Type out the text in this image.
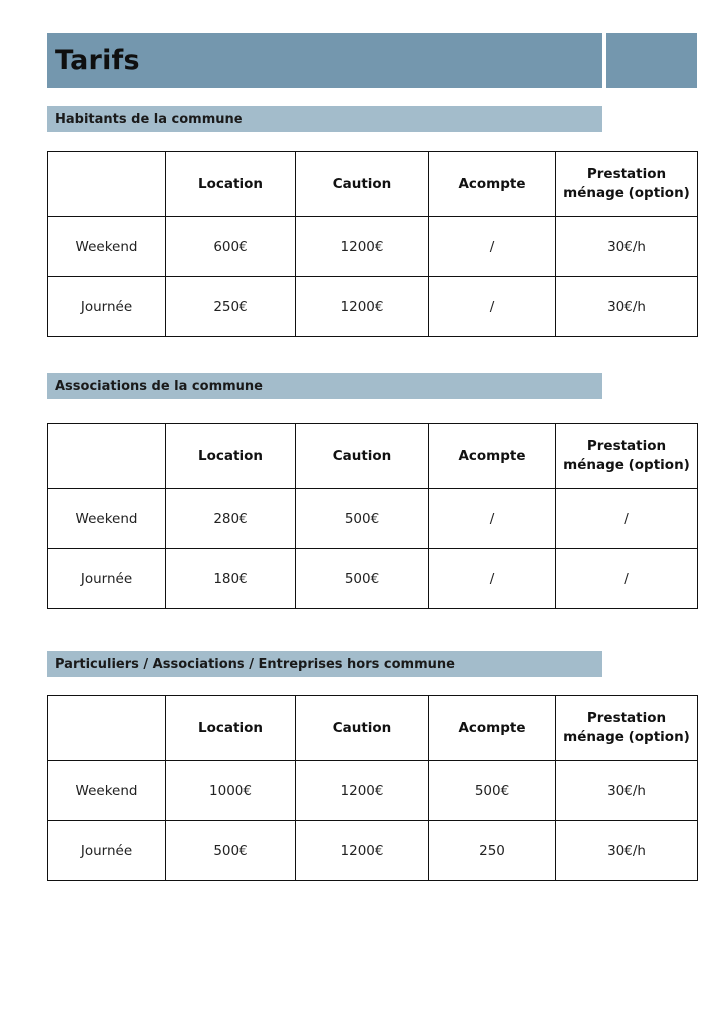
Tarifs
Habitants de la commune
	Location	Caution	Acompte	Prestation
ménage (option)
Weekend	600€	1200€	/	30€/h
Journée	250€	1200€	/	30€/h
Associations de la commune
	Location	Caution	Acompte	Prestation
ménage (option)
Weekend	280€	500€	/	/
Journée	180€	500€	/	/
Particuliers / Associations / Entreprises hors commune
	Location	Caution	Acompte	Prestation
ménage (option)
Weekend	1000€	1200€	500€	30€/h
Journée	500€	1200€	250	30€/h
